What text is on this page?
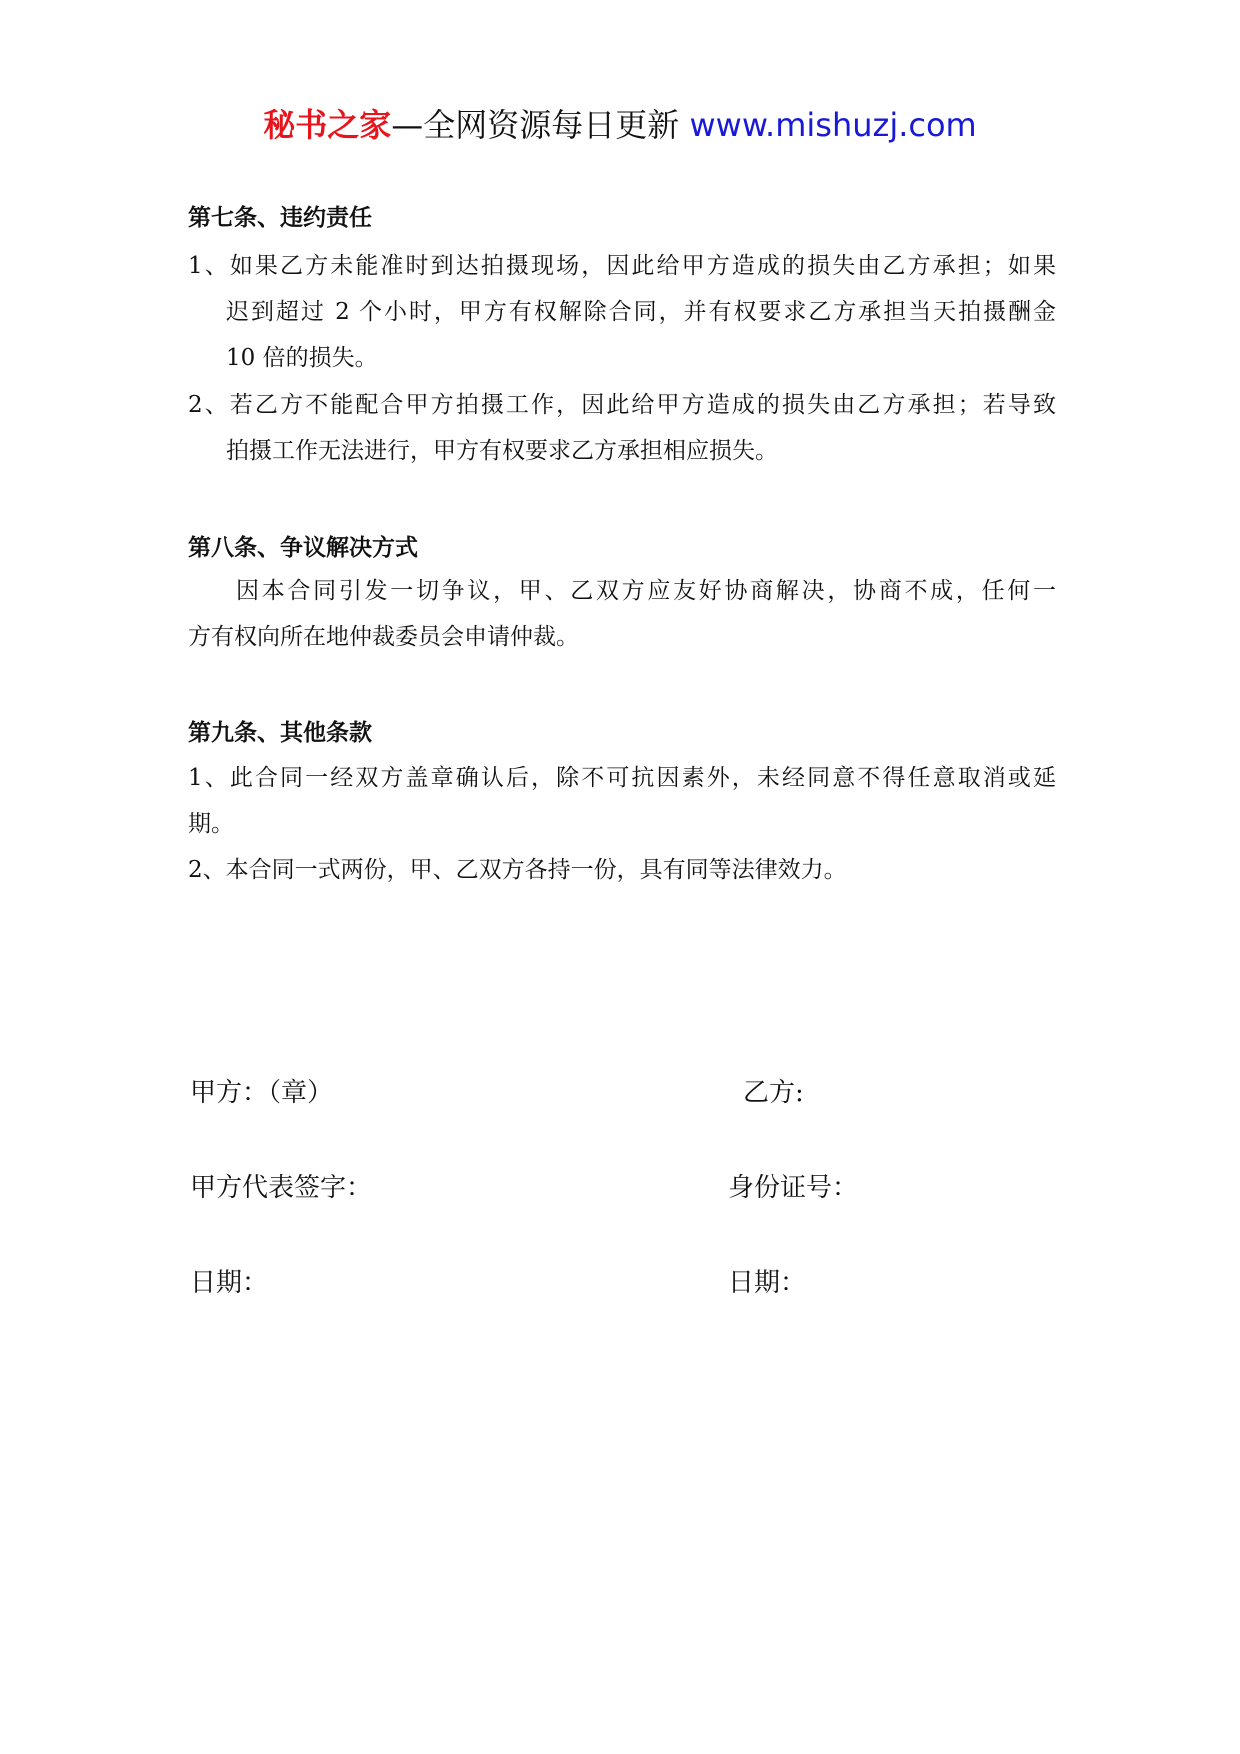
秘书之家—全网资源每日更新 www.mishuzj.com
第七条、违约责任
1、如果乙方未能准时到达拍摄现场，因此给甲方造成的损失由乙方承担；如果
迟到超过 2 个小时，甲方有权解除合同，并有权要求乙方承担当天拍摄酬金
10 倍的损失。
2、若乙方不能配合甲方拍摄工作，因此给甲方造成的损失由乙方承担；若导致
拍摄工作无法进行，甲方有权要求乙方承担相应损失。
第八条、争议解决方式
因本合同引发一切争议，甲、乙双方应友好协商解决，协商不成，任何一
方有权向所在地仲裁委员会申请仲裁。
第九条、其他条款
1、此合同一经双方盖章确认后，除不可抗因素外，未经同意不得任意取消或延
期。
2、本合同一式两份，甲、乙双方各持一份，具有同等法律效力。
甲方：（章）	乙方:
甲方代表签字：	身份证号：
日期：	日期：
